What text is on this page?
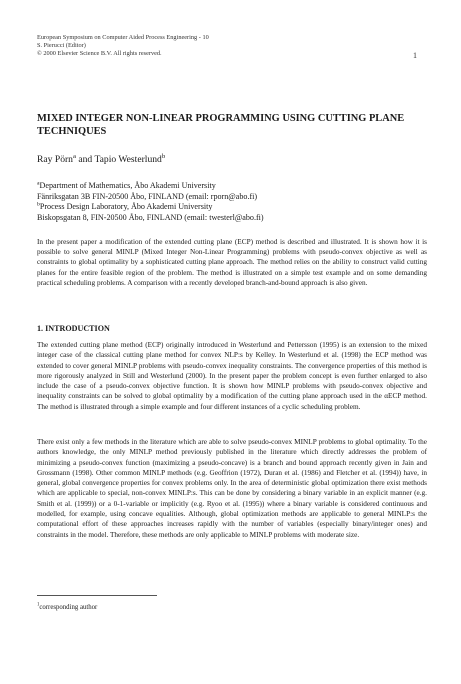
European Symposium on Computer Aided Process Engineering - 10
S. Pierucci (Editor)
© 2000 Elsevier Science B.V. All rights reserved.	1
MIXED INTEGER NON-LINEAR PROGRAMMING USING CUTTING PLANE TECHNIQUES
Ray Pörn$^a$ and Tapio Westerlund$^b$
$^a$Department of Mathematics, Åbo Akademi University
Fänriksgatan 3B FIN-20500 Åbo, FINLAND (email: rporn@abo.fi)
$^b$Process Design Laboratory, Åbo Akademi University
Biskopsgatan 8, FIN-20500 Åbo, FINLAND (email: twesterl@abo.fi)
In the present paper a modification of the extended cutting plane (ECP) method is described and illustrated. It is shown how it is possible to solve general MINLP (Mixed Integer Non-Linear Programming) problems with pseudo-convex objective as well as constraints to global optimality by a sophisticated cutting plane approach. The method relies on the ability to construct valid cutting planes for the entire feasible region of the problem. The method is illustrated on a simple test example and on some demanding practical scheduling problems. A comparison with a recently developed branch-and-bound approach is also given.
1. INTRODUCTION
The extended cutting plane method (ECP) originally introduced in Westerlund and Pettersson (1995) is an extension to the mixed integer case of the classical cutting plane method for convex NLP:s by Kelley. In Westerlund et al. (1998) the ECP method was extended to cover general MINLP problems with pseudo-convex inequality constraints. The convergence properties of this method is more rigorously analyzed in Still and Westerlund (2000). In the present paper the problem concept is even further enlarged to also include the case of a pseudo-convex objective function. It is shown how MINLP problems with pseudo-convex objective and inequality constraints can be solved to global optimality by a modification of the cutting plane approach used in the αECP method. The method is illustrated through a simple example and four different instances of a cyclic scheduling problem.
There exist only a few methods in the literature which are able to solve pseudo-convex MINLP problems to global optimality. To the authors knowledge, the only MINLP method previously published in the literature which directly addresses the problem of minimizing a pseudo-convex function (maximizing a pseudo-concave) is a branch and bound approach recently given in Jain and Grossmann (1998). Other common MINLP methods (e.g. Geoffrion (1972), Duran et al. (1986) and Fletcher et al. (1994)) have, in general, global convergence properties for convex problems only. In the area of deterministic global optimization there exist methods which are applicable to special, non-convex MINLP:s. This can be done by considering a binary variable in an explicit manner (e.g. Smith et al. (1999)) or a 0-1-variable or implicitly (e.g. Ryoo et al. (1995)) where a binary variable is considered continuous and modelled, for example, using concave equalities. Although, global optimization methods are applicable to general MINLP:s the computational effort of these approaches increases rapidly with the number of variables (especially binary/integer ones) and constraints in the model. Therefore, these methods are only applicable to MINLP problems with moderate size.
$^1$corresponding author
